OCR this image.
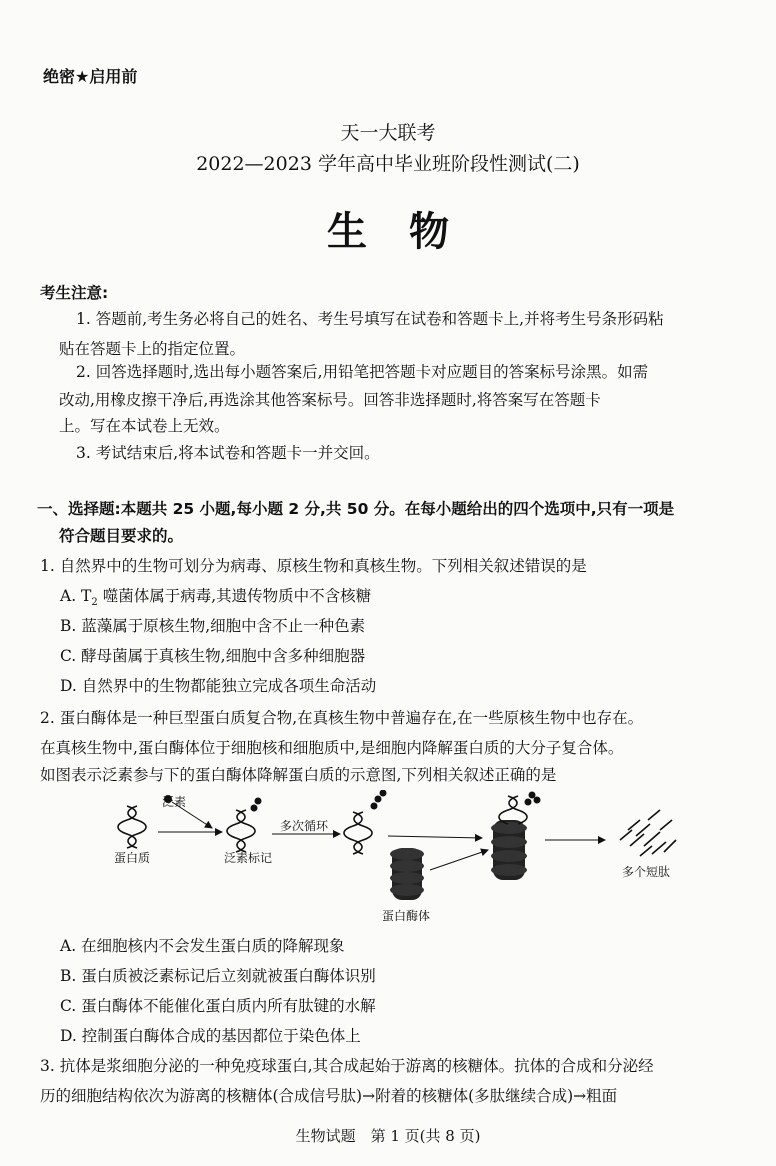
绝密★启用前
天一大联考
2022—2023 学年高中毕业班阶段性测试(二)
生物
考生注意:
1. 答题前,考生务必将自己的姓名、考生号填写在试卷和答题卡上,并将考生号条形码粘
贴在答题卡上的指定位置。
2. 回答选择题时,选出每小题答案后,用铅笔把答题卡对应题目的答案标号涂黑。如需
改动,用橡皮擦干净后,再选涂其他答案标号。回答非选择题时,将答案写在答题卡
上。写在本试卷上无效。
3. 考试结束后,将本试卷和答题卡一并交回。
一、选择题:本题共 25 小题,每小题 2 分,共 50 分。在每小题给出的四个选项中,只有一项是
符合题目要求的。
1. 自然界中的生物可划分为病毒、原核生物和真核生物。下列相关叙述错误的是
A. $T_2$ 噬菌体属于病毒,其遗传物质中不含核糖
B. 蓝藻属于原核生物,细胞中含不止一种色素
C. 酵母菌属于真核生物,细胞中含多种细胞器
D. 自然界中的生物都能独立完成各项生命活动
2. 蛋白酶体是一种巨型蛋白质复合物,在真核生物中普遍存在,在一些原核生物中也存在。
在真核生物中,蛋白酶体位于细胞核和细胞质中,是细胞内降解蛋白质的大分子复合体。
如图表示泛素参与下的蛋白酶体降解蛋白质的示意图,下列相关叙述正确的是
蛋白质
泛素
泛素标记
多次循环
蛋白酶体
多个短肽
A. 在细胞核内不会发生蛋白质的降解现象
B. 蛋白质被泛素标记后立刻就被蛋白酶体识别
C. 蛋白酶体不能催化蛋白质内所有肽键的水解
D. 控制蛋白酶体合成的基因都位于染色体上
3. 抗体是浆细胞分泌的一种免疫球蛋白,其合成起始于游离的核糖体。抗体的合成和分泌经
历的细胞结构依次为游离的核糖体(合成信号肽)→附着的核糖体(多肽继续合成)→粗面
生物试题　第 1 页(共 8 页)
